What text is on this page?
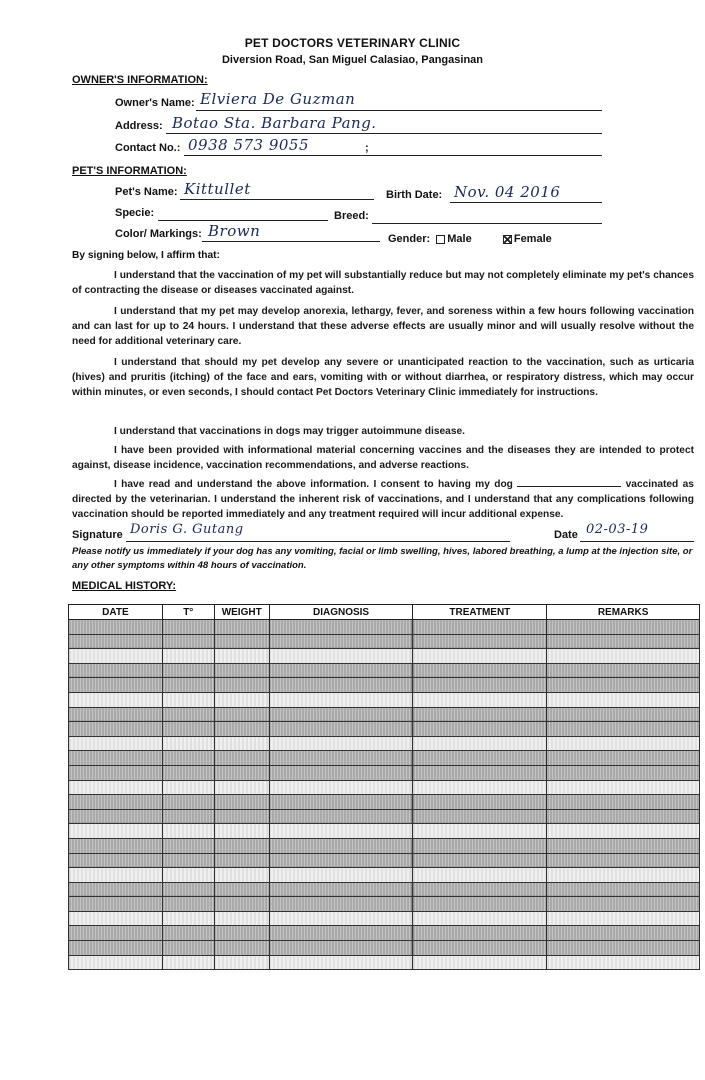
PET DOCTORS VETERINARY CLINIC
Diversion Road, San Miguel Calasiao, Pangasinan
OWNER'S INFORMATION:
Owner's Name: Elviera De Guzman
Address: Botao Sta. Barbara Pang.
Contact No.: 0938 573 9055	;
PET'S INFORMATION:
Pet's Name: Kittullet	Birth Date: Nov. 04 2016
Specie:	Breed:
Color/ Markings: Brown	Gender: Male	Female
By signing below, I affirm that:
I understand that the vaccination of my pet will substantially reduce but may not completely eliminate my pet's chances of contracting the disease or diseases vaccinated against.
I understand that my pet may develop anorexia, lethargy, fever, and soreness within a few hours following vaccination and can last for up to 24 hours. I understand that these adverse effects are usually minor and will usually resolve without the need for additional veterinary care.
I understand that should my pet develop any severe or unanticipated reaction to the vaccination, such as urticaria (hives) and pruritis (itching) of the face and ears, vomiting with or without diarrhea, or respiratory distress, which may occur within minutes, or even seconds, I should contact Pet Doctors Veterinary Clinic immediately for instructions.
I understand that vaccinations in dogs may trigger autoimmune disease.
I have been provided with informational material concerning vaccines and the diseases they are intended to protect against, disease incidence, vaccination recommendations, and adverse reactions.
I have read and understand the above information. I consent to having my dog	vaccinated as directed by the veterinarian. I understand the inherent risk of vaccinations, and I understand that any complications following vaccination should be reported immediately and any treatment required will incur additional expense.
Signature Doris G. Gutang	Date 02-03-19
Please notify us immediately if your dog has any vomiting, facial or limb swelling, hives, labored breathing, a lump at the injection site, or any other symptoms within 48 hours of vaccination.
MEDICAL HISTORY:
DATE	T°	WEIGHT	DIAGNOSIS	TREATMENT	REMARKS
